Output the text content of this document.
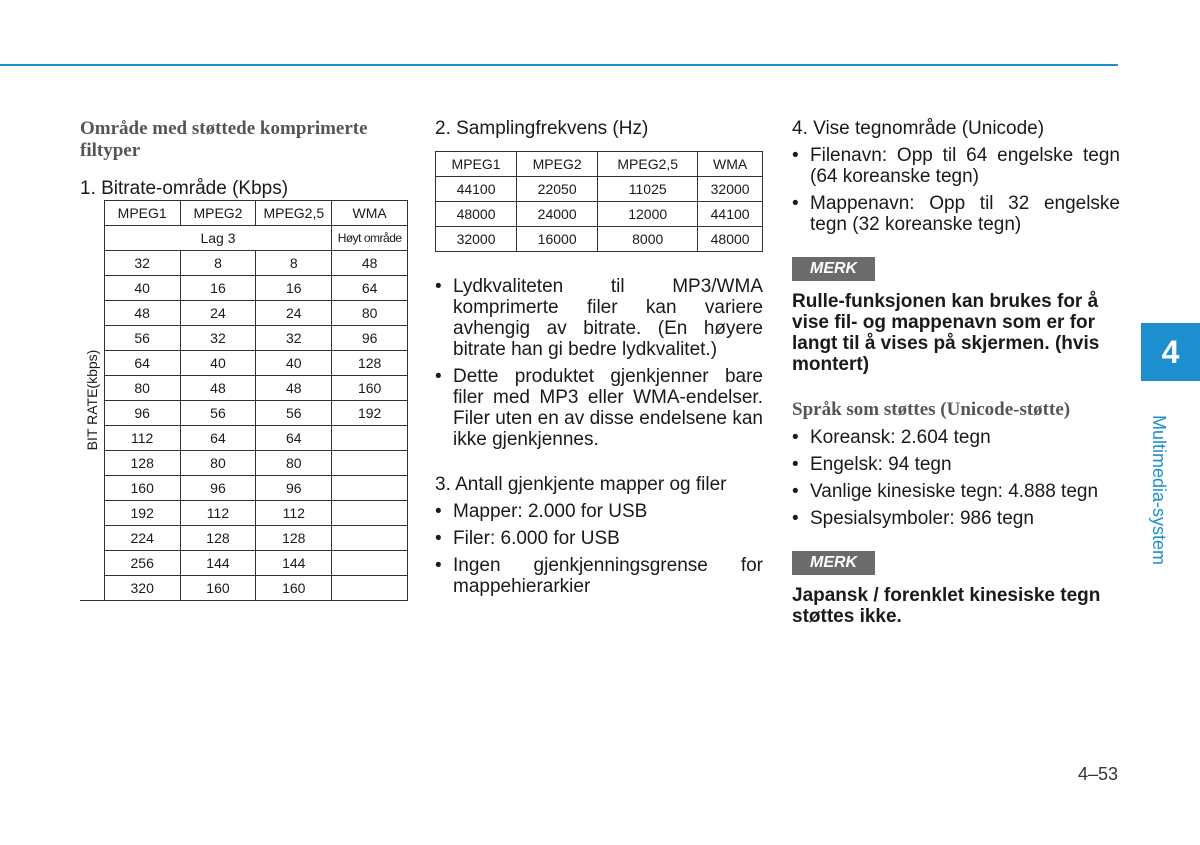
Område med støttede komprimerte filtyper

1. Bitrate-område (Kbps)

BIT RATE(kbps)	MPEG1	MPEG2	MPEG2,5	WMA
	Lag 3			Høyt område
	32	8	8	48
	40	16	16	64
	48	24	24	80
	56	32	32	96
	64	40	40	128
	80	48	48	160
	96	56	56	192
	112	64	64	
	128	80	80	
	160	96	96	
	192	112	112	
	224	128	128	
	256	144	144	
	320	160	160	

2. Samplingfrekvens (Hz)

MPEG1	MPEG2	MPEG2,5	WMA
44100	22050	11025	32000
48000	24000	12000	44100
32000	16000	8000	48000
• Lydkvaliteten til MP3/WMA komprimerte filer kan variere avhengig av bitrate. (En høyere bitrate han gi bedre lydkvalitet.)
• Dette produktet gjenkjenner bare filer med MP3 eller WMA-endelser. Filer uten en av disse endelsene kan ikke gjenkjennes.

3. Antall gjenkjente mapper og filer

• Mapper: 2.000 for USB
• Filer: 6.000 for USB
• Ingen gjenkjenningsgrense for mappehierarkier

4. Vise tegnområde (Unicode)

• Filenavn: Opp til 64 engelske tegn (64 koreanske tegn)
• Mappenavn: Opp til 32 engelske tegn (32 koreanske tegn)
MERK

Rulle-funksjonen kan brukes for å vise fil- og mappenavn som er for langt til å vises på skjermen. (hvis montert)

Språk som støttes (Unicode-støtte)

• Koreansk: 2.604 tegn
• Engelsk: 94 tegn
• Vanlige kinesiske tegn: 4.888 tegn
• Spesialsymboler: 986 tegn
MERK

Japansk / forenklet kinesiske tegn støttes ikke.

4
Multimedia-system
4–53
